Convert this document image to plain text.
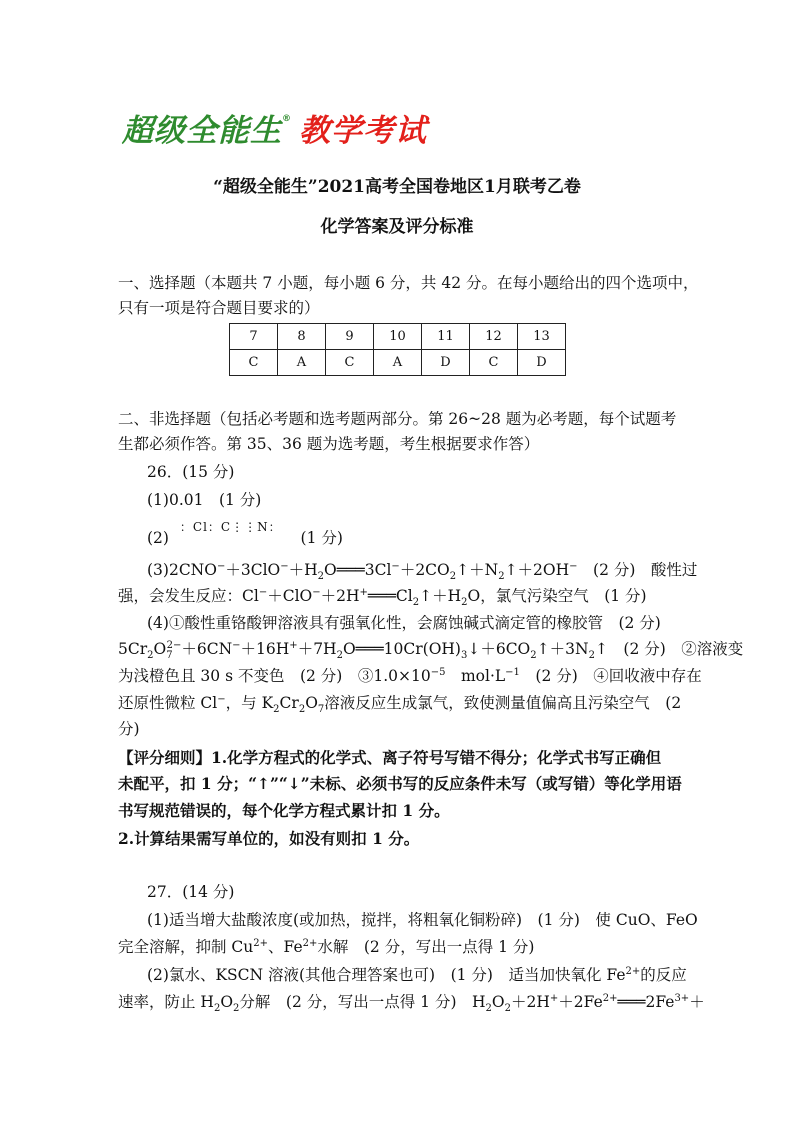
超级全能生 ® 教学考试
“超级全能生”2021高考全国卷地区1月联考乙卷
化学答案及评分标准
一、选择题（本题共 7 小题，每小题 6 分，共 42 分。在每小题给出的四个选项中，
只有一项是符合题目要求的）
7	8	9	10	11	12	13
C	A	C	A	D	C	D
二、非选择题（包括必考题和选考题两部分。第 26~28 题为必考题，每个试题考
生都必须作答。第 35、36 题为选考题，考生根据要求作答）
26．(15 分)
(1)0.01　(1 分)
(2) $^{:Cl:C⋮⋮N:}$ (1 分)
$(3)2CNO^-+3ClO^-+H_2O═══3Cl^-+2CO_2↑+N_2↑+2OH^-$　(2 分)　酸性过
强，会发生反应：$Cl^-+ClO^-+2H^+═══Cl_2↑+H_2O$，氯气污染空气　(1 分)
(4)①酸性重铬酸钾溶液具有强氧化性，会腐蚀碱式滴定管的橡胶管　(2 分)
$5Cr_2O_7^{2-}+6CN^-+16H^++7H_2O═══10Cr(OH)_3↓+6CO_2↑+3N_2↑$　(2 分)　②溶液变
为浅橙色且 30 s 不变色　(2 分)　$③1.0\times 10^{-5}$　$mol\cdot L^{-1}$　(2 分)　④回收液中存在
还原性微粒 Cl−，与 $K_2Cr_2O_7$溶液反应生成氯气，致使测量值偏高且污染空气　(2
分)
【评分细则】1.化学方程式的化学式、离子符号写错不得分；化学式书写正确但
未配平，扣 1 分；“↑”“↓”未标、必须书写的反应条件未写（或写错）等化学用语
书写规范错误的，每个化学方程式累计扣 1 分。
2.计算结果需写单位的，如没有则扣 1 分。
27．(14 分)
(1)适当增大盐酸浓度(或加热，搅拌，将粗氧化铜粉碎)　(1 分)　使 CuO、FeO
完全溶解，抑制 $Cu^{2+}$、$Fe^{2+}$水解　(2 分，写出一点得 1 分)
(2)氯水、KSCN 溶液(其他合理答案也可)　(1 分)　适当加快氧化 $Fe^{2+}$的反应
速率，防止 $H_2O_2$分解　(2 分，写出一点得 1 分)　$H_2O_2+2H^++2Fe^{2+}═══2Fe^{3+}+$
